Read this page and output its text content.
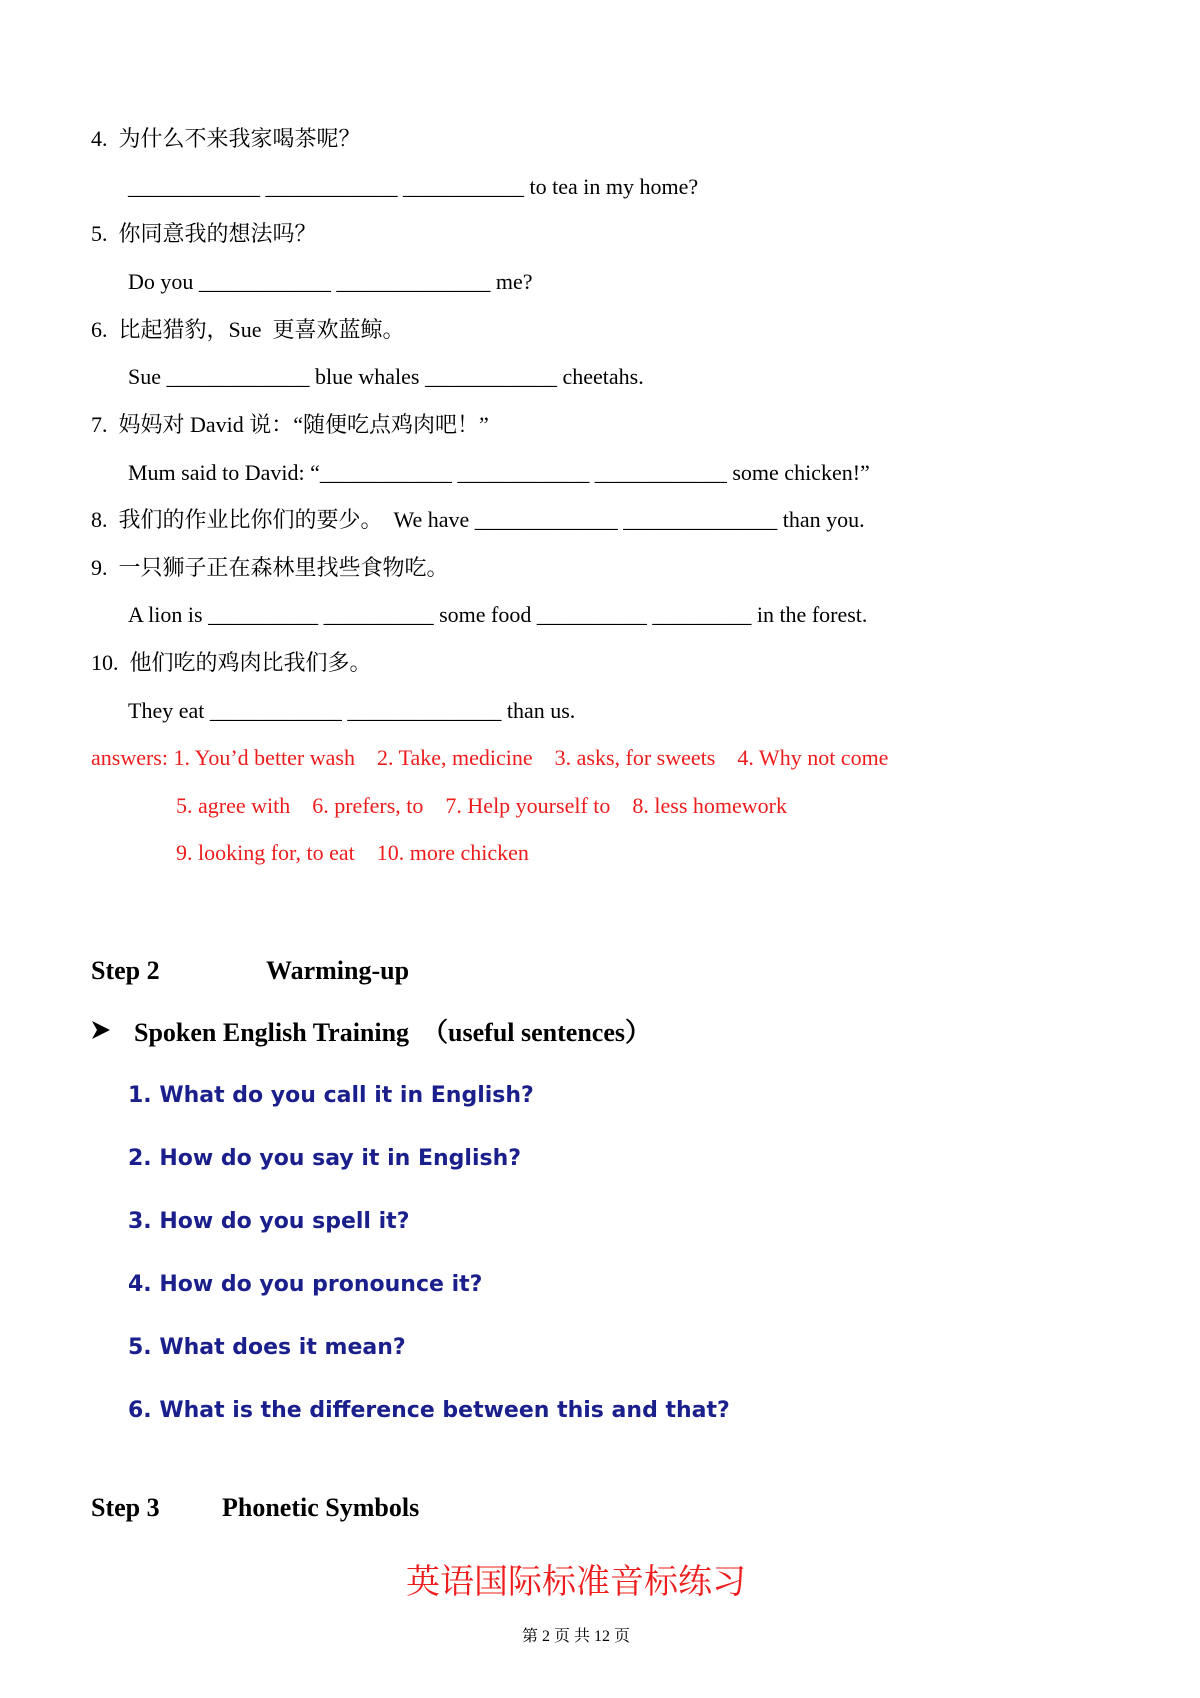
4.  为什么不来我家喝茶呢？
____________ ____________ ___________ to tea in my home?
5.  你同意我的想法吗？
Do you ____________ ______________ me?
6.  比起猎豹，Sue  更喜欢蓝鲸。
Sue _____________ blue whales ____________ cheetahs.
7.  妈妈对 David 说：“随便吃点鸡肉吧！”
Mum said to David: “____________ ____________ ____________ some chicken!”
8.  我们的作业比你们的要少。  We have _____________ ______________ than you.
9.  一只狮子正在森林里找些食物吃。
A lion is __________ __________ some food __________ _________ in the forest.
10.  他们吃的鸡肉比我们多。
They eat ____________ ______________ than us.
answers: 1. You’d better wash    2. Take, medicine    3. asks, for sweets    4. Why not come
5. agree with    6. prefers, to    7. Help yourself to    8. less homework
9. looking for, to eat    10. more chicken
Step 2	Warming-up
Spoken English Training  （useful sentences）
1. What do you call it in English?
2. How do you say it in English?
3. How do you spell it?
4. How do you pronounce it?
5. What does it mean?
6. What is the difference between this and that?
Step 3 Phonetic Symbols
英语国际标准音标练习
第 2 页 共 12 页
